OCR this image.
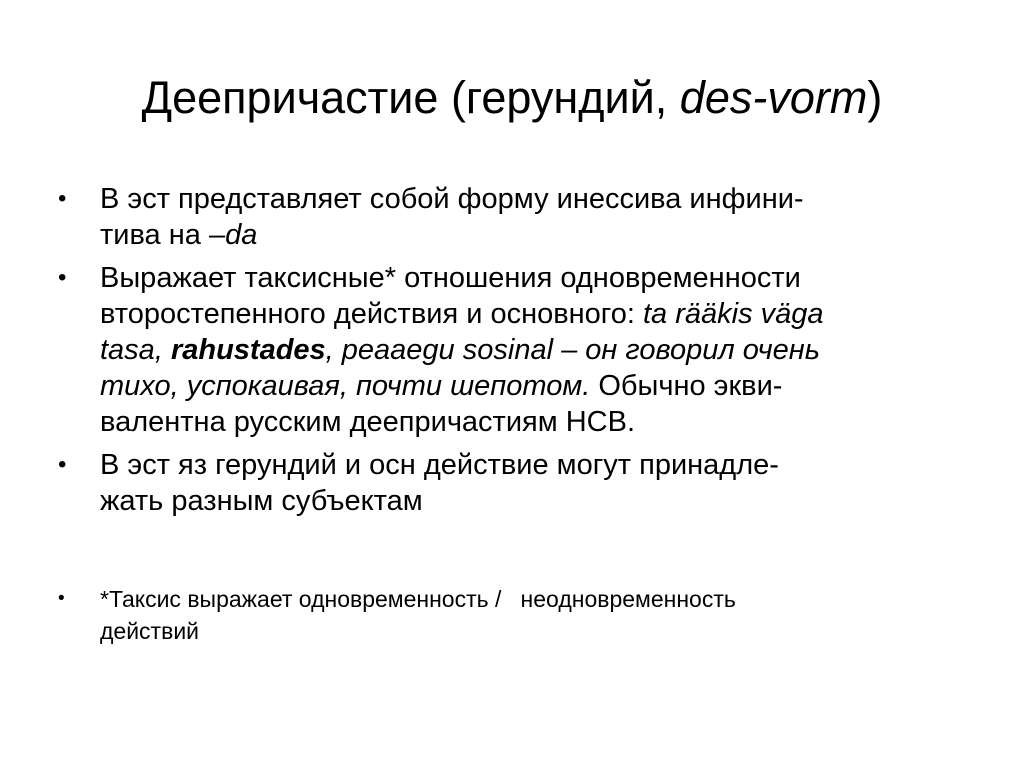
Деепричастие (герундий, des-vorm)
• В эст представляет собой форму инессива инфини-
тива на –da
• Выражает таксисные* отношения одновременности
второстепенного действия и основного: ta rääkis väga
tasa, rahustades, peaaegu sosinal – он говорил очень
тихо, успокаивая, почти шепотом. Обычно экви-
валентна русским деепричастиям НСВ.
• В эст яз герундий и осн действие могут принадле-
жать разным субъектам
• *Таксис выражает одновременность /   неодновременность
действий
